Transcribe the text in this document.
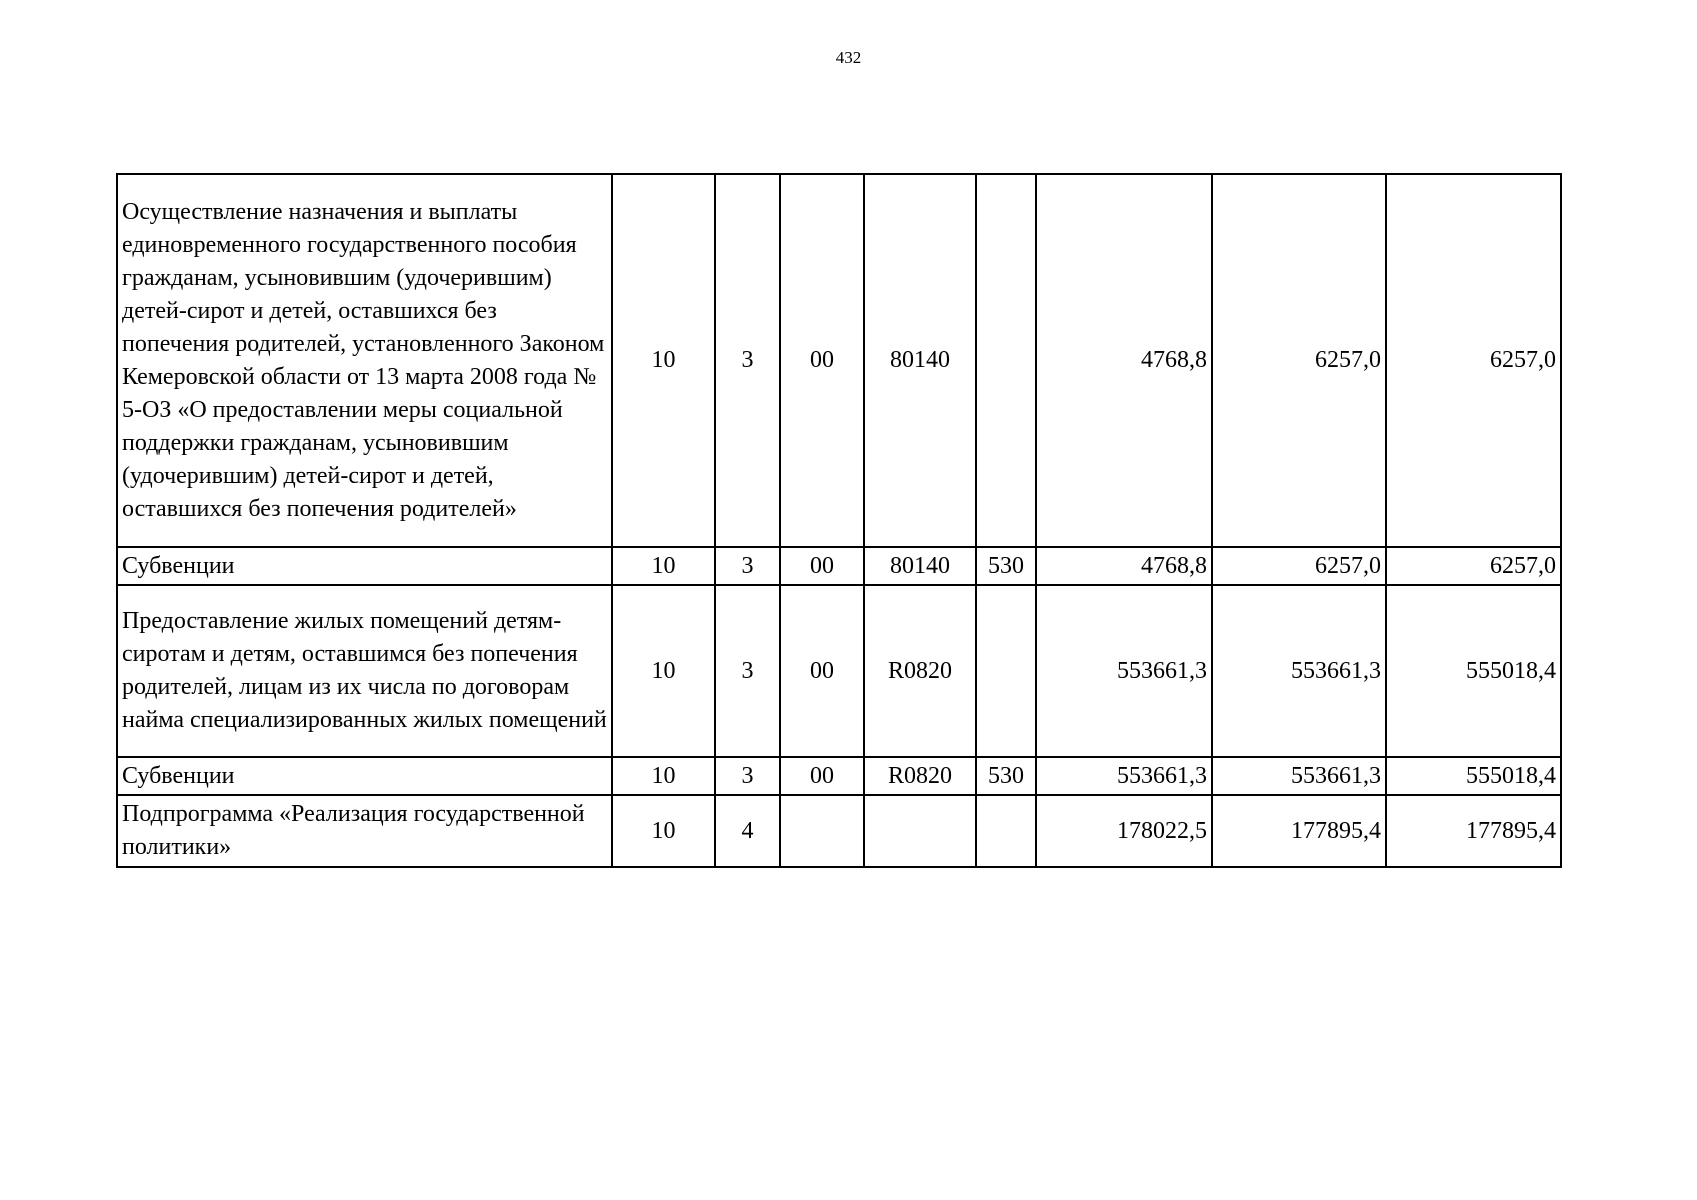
432
Осуществление назначения и выплаты единовременного государственного пособия гражданам, усыновившим (удочерившим) детей-сирот и детей, оставшихся без попечения родителей, установленного Законом Кемеровской области от 13 марта 2008 года № 5-ОЗ «О предоставлении меры социальной поддержки гражданам, усыновившим (удочерившим) детей-сирот и детей, оставшихся без попечения родителей»	10	3	00	80140		4768,8	6257,0	6257,0
Субвенции	10	3	00	80140	530	4768,8	6257,0	6257,0
Предоставление жилых помещений детям-сиротам и детям, оставшимся без попечения родителей, лицам из их числа по договорам найма специализированных жилых помещений	10	3	00	R0820		553661,3	553661,3	555018,4
Субвенции	10	3	00	R0820	530	553661,3	553661,3	555018,4
Подпрограмма «Реализация государственной политики»	10	4				178022,5	177895,4	177895,4
